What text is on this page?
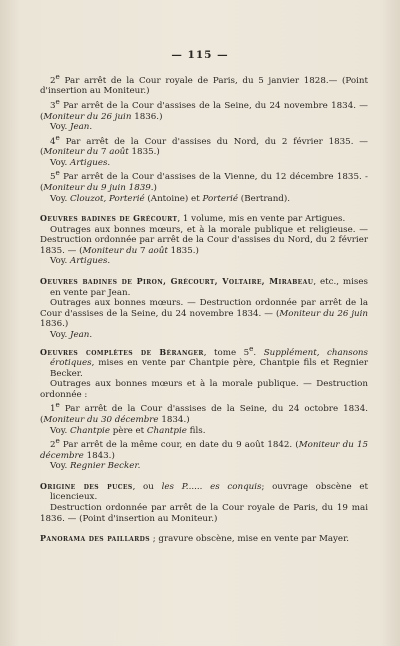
— 115 —
2e Par arrêt de la Cour royale de Paris, du 5 janvier 1828.— (Point d'insertion au Moniteur.)
3e Par arrêt de la Cour d'assises de la Seine, du 24 novembre 1834. — (Moniteur du 26 juin 1836.)
Voy. Jean.
4e Par arrêt de la Cour d'assises du Nord, du 2 février 1835. — (Moniteur du 7 août 1835.)
Voy. Artigues.
5e Par arrêt de la Cour d'assises de la Vienne, du 12 décembre 1835. - (Moniteur du 9 juin 1839.)
Voy. Clouzot, Porterié (Antoine) et Porterié (Bertrand).
Oeuvres badines de Grécourt, 1 volume, mis en vente par Artigues.
Outrages aux bonnes mœurs, et à la morale publique et religieuse. — Destruction ordonnée par arrêt de la Cour d'assises du Nord, du 2 février 1835. — (Moniteur du 7 août 1835.)
Voy. Artigues.
Oeuvres badines de Piron, Grécourt, Voltaire, Mirabeau, etc., mises en vente par Jean.
Outrages aux bonnes mœurs. — Destruction ordonnée par arrêt de la Cour d'assises de la Seine, du 24 novembre 1834. — (Moniteur du 26 juin 1836.)
Voy. Jean.
Oeuvres complètes de Béranger, tome 5e. Supplément, chansons érotiques, mises en vente par Chantpie père, Chantpie fils et Regnier Becker.
Outrages aux bonnes mœurs et à la morale publique. — Destruction ordonnée :
1e Par arrêt de la Cour d'assises de la Seine, du 24 octobre 1834. (Moniteur du 30 décembre 1834.)
Voy. Chantpie père et Chantpie fils.
2e Par arrêt de la même cour, en date du 9 août 1842. (Moniteur du 15 décembre 1843.)
Voy. Regnier Becker.
Origine des puces, ou les P...... es conquis; ouvrage obscène et licencieux.
Destruction ordonnée par arrêt de la Cour royale de Paris, du 19 mai 1836. — (Point d'insertion au Moniteur.)
Panorama des paillards ; gravure obscène, mise en vente par Mayer.
